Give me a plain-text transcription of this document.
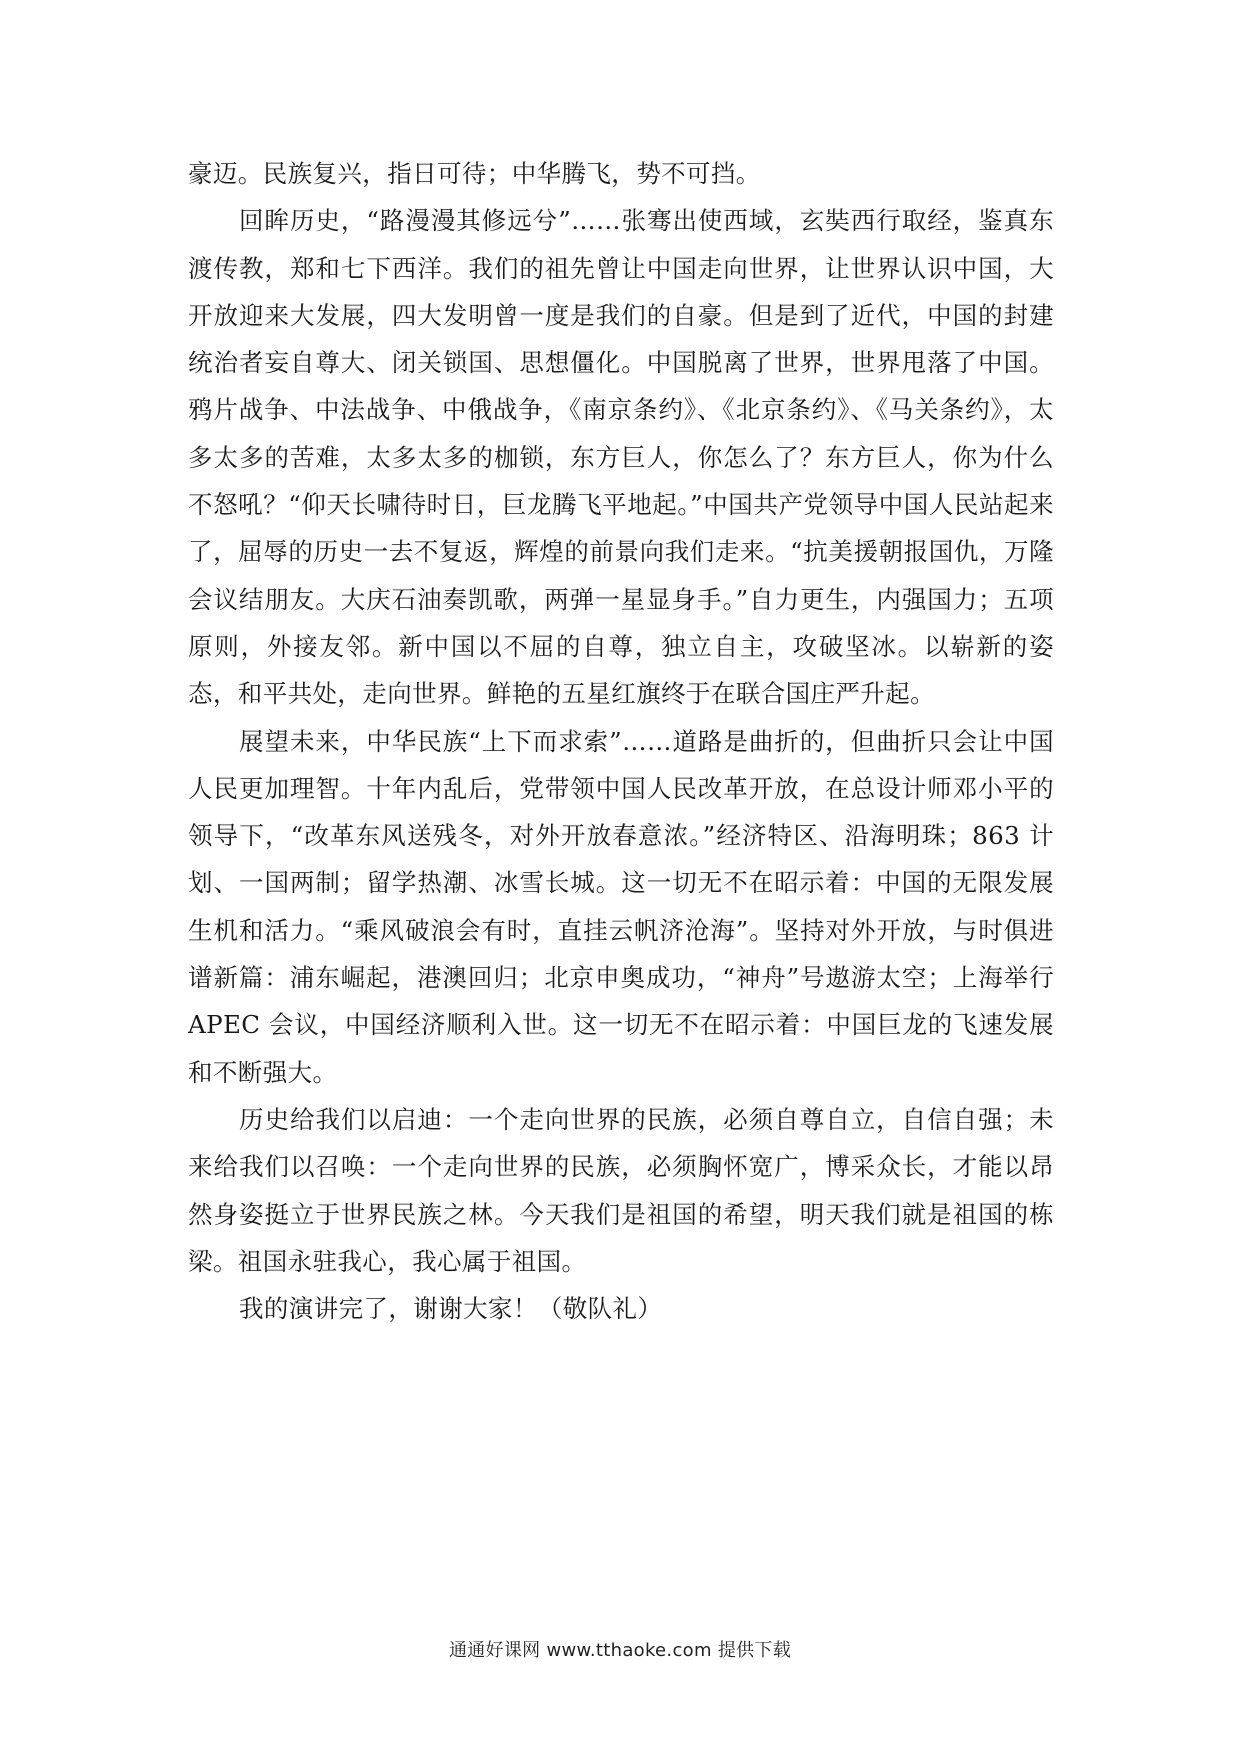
豪迈。民族复兴，指日可待；中华腾飞，势不可挡。

回眸历史，“路漫漫其修远兮”……张骞出使西域，玄奘西行取经，鉴真东渡传教，郑和七下西洋。我们的祖先曾让中国走向世界，让世界认识中国，大开放迎来大发展，四大发明曾一度是我们的自豪。但是到了近代，中国的封建统治者妄自尊大、闭关锁国、思想僵化。中国脱离了世界，世界甩落了中国。鸦片战争、中法战争、中俄战争，《南京条约》、《北京条约》、《马关条约》，太多太多的苦难，太多太多的枷锁，东方巨人，你怎么了？东方巨人，你为什么不怒吼？“仰天长啸待时日，巨龙腾飞平地起。”中国共产党领导中国人民站起来了，屈辱的历史一去不复返，辉煌的前景向我们走来。“抗美援朝报国仇，万隆会议结朋友。大庆石油奏凯歌，两弹一星显身手。”自力更生，内强国力；五项原则，外接友邻。新中国以不屈的自尊，独立自主，攻破坚冰。以崭新的姿态，和平共处，走向世界。鲜艳的五星红旗终于在联合国庄严升起。

展望未来，中华民族“上下而求索”……道路是曲折的，但曲折只会让中国人民更加理智。十年内乱后，党带领中国人民改革开放，在总设计师邓小平的领导下，“改革东风送残冬，对外开放春意浓。”经济特区、沿海明珠；863 计划、一国两制；留学热潮、冰雪长城。这一切无不在昭示着：中国的无限发展生机和活力。“乘风破浪会有时，直挂云帆济沧海”。坚持对外开放，与时俱进谱新篇：浦东崛起，港澳回归；北京申奥成功，“神舟”号遨游太空；上海举行 APEC 会议，中国经济顺利入世。这一切无不在昭示着：中国巨龙的飞速发展和不断强大。

历史给我们以启迪：一个走向世界的民族，必须自尊自立，自信自强；未来给我们以召唤：一个走向世界的民族，必须胸怀宽广，博采众长，才能以昂然身姿挺立于世界民族之林。今天我们是祖国的希望，明天我们就是祖国的栋梁。祖国永驻我心，我心属于祖国。

我的演讲完了，谢谢大家！（敬队礼）

通通好课网 www.tthaoke.com 提供下载
